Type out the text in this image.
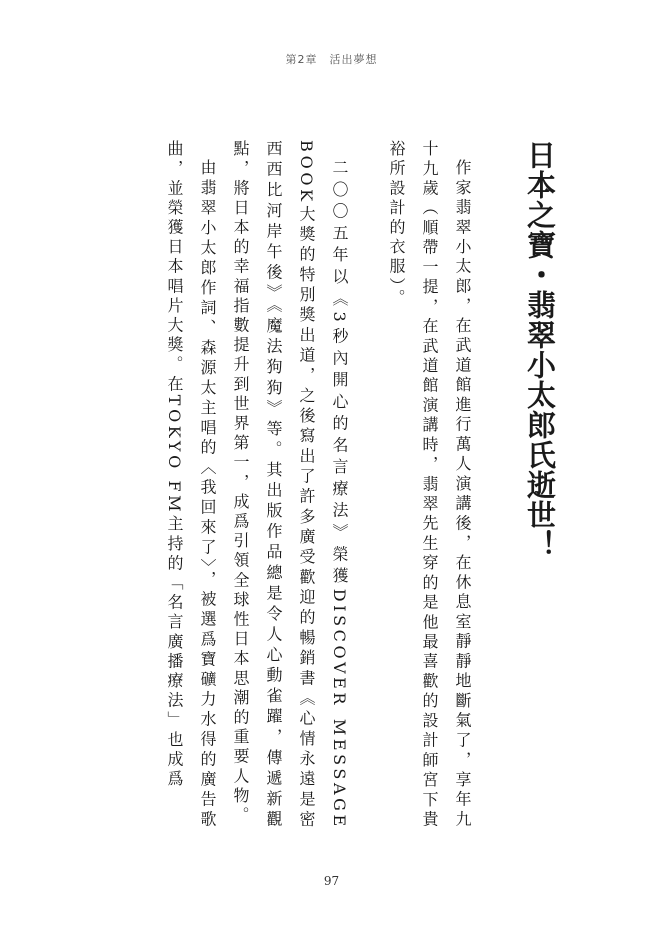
第2章　活出夢想
日本之寶・翡翠小太郎氏逝世！

作家翡翠小太郎，在武道館進行萬人演講後，在休息室靜靜地斷氣了，享年九十九歲（順帶一提，在武道館演講時，翡翠先生穿的是他最喜歡的設計師宮下貴裕所設計的衣服）。

二〇〇五年以《3秒內開心的名言療法》榮獲DISCOVER MESSAGE BOOK大獎的特別獎出道，之後寫出了許多廣受歡迎的暢銷書《心情永遠是密西西比河岸午後》《魔法狗狗》等。其出版作品總是令人心動雀躍，傳遞新觀點，將日本的幸福指數提升到世界第一，成爲引領全球性日本思潮的重要人物。

由翡翠小太郎作詞、森源太主唱的〈我回來了〉，被選爲寶礦力水得的廣告歌曲，並榮獲日本唱片大獎。在TOKYO FM主持的「名言廣播療法」也成爲

97
